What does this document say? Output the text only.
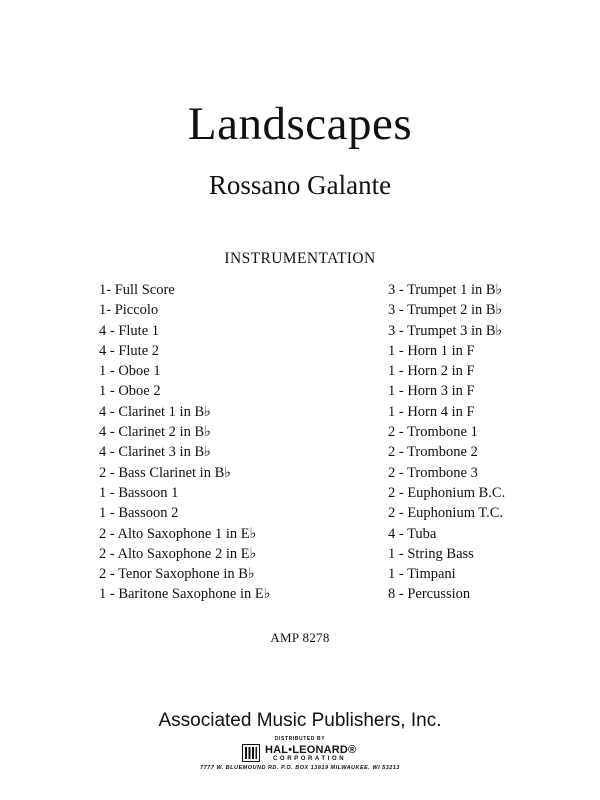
Landscapes
Rossano Galante
INSTRUMENTATION
1- Full Score
1- Piccolo
4 - Flute 1
4 - Flute 2
1 - Oboe 1
1 - Oboe 2
4 - Clarinet 1 in B♭
4 - Clarinet 2 in B♭
4 - Clarinet 3 in B♭
2 - Bass Clarinet in B♭
1 - Bassoon 1
1 - Bassoon 2
2 - Alto Saxophone 1 in E♭
2 - Alto Saxophone 2 in E♭
2 - Tenor Saxophone in B♭
1 - Baritone Saxophone in E♭
3 - Trumpet 1 in B♭
3 - Trumpet 2 in B♭
3 - Trumpet 3 in B♭
1 - Horn 1 in F
1 - Horn 2 in F
1 - Horn 3 in F
1 - Horn 4 in F
2 - Trombone 1
2 - Trombone 2
2 - Trombone 3
2 - Euphonium B.C.
2 - Euphonium T.C.
4 - Tuba
1 - String Bass
1 - Timpani
8 - Percussion
AMP 8278
Associated Music Publishers, Inc.
DISTRIBUTED BY
HAL•LEONARD®
CORPORATION
7777 W. BLUEMOUND RD. P.O. BOX 13819 MILWAUKEE, WI 53213
